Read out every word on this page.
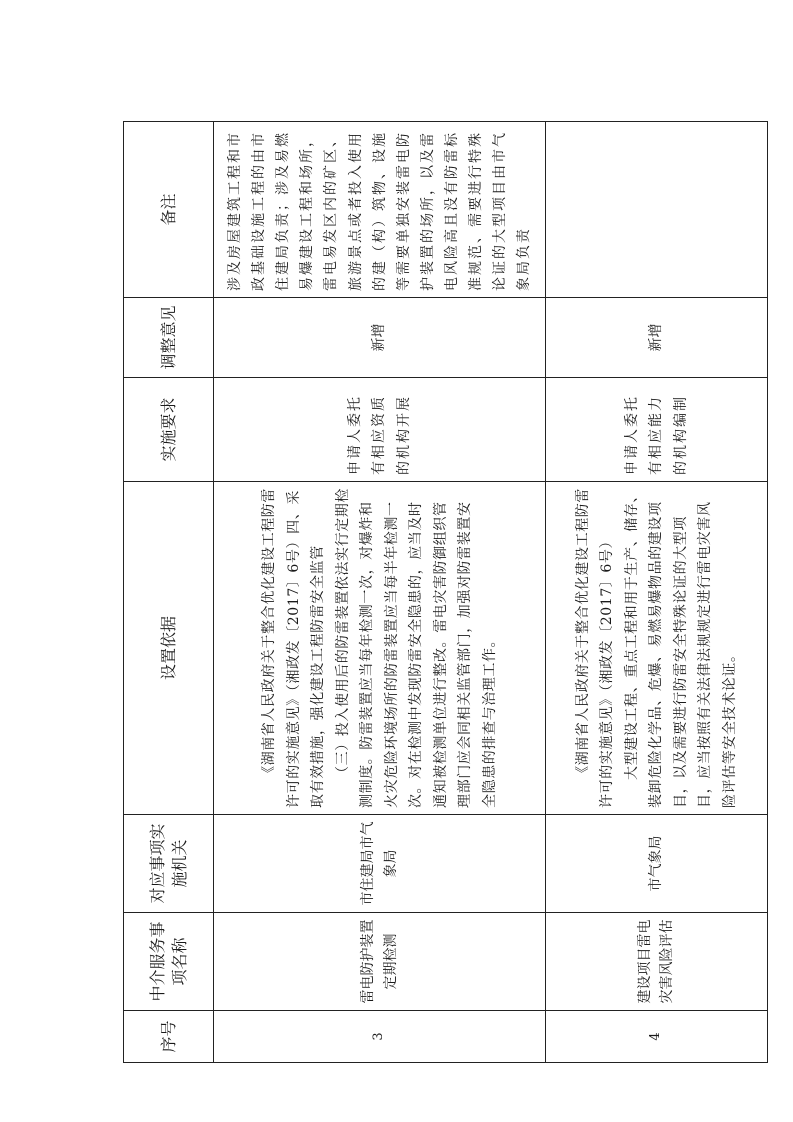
序号	中介服务事项名称	对应事项实施机关	设置依据	实施要求	调整意见	备注
3	雷电防护装置定期检测	市住建局市气象局	《湖南省人民政府关于整合优化建设工程防雷许可的实施意见》（湘政发〔2017〕6号）四、采取有效措施，强化建设工程防雷安全监管 （三）投入使用后的防雷装置依法实行定期检测制度。防雷装置应当每年检测一次，对爆炸和火灾危险环境场所的防雷装置应当每半年检测一次。对在检测中发现防雷安全隐患的，应当及时通知被检测单位进行整改。雷电灾害防御组织管理部门应会同相关监管部门，加强对防雷装置安全隐患的排查与治理工作。	申请人委托有相应资质的机构开展	新增	涉及房屋建筑工程和市政基础设施工程的由市住建局负责；涉及易燃易爆建设工程和场所，雷电易发区内的矿区、旅游景点或者投入使用的建（构）筑物、设施等需要单独安装雷电防护装置的场所，以及雷电风险高且没有防雷标准规范、需要进行特殊论证的大型项目由市气象局负责
4	建设项目雷电灾害风险评估	市气象局	《湖南省人民政府关于整合优化建设工程防雷许可的实施意见》（湘政发〔2017〕6号） 大型建设工程、重点工程和用于生产、储存、装卸危险化学品、危爆、易燃易爆物品的建设项目，以及需要进行防雷安全特殊论证的大型项目，应当按照有关法律法规规定进行雷电灾害风险评估等安全技术论证。	申请人委托有相应能力的机构编制	新增	
